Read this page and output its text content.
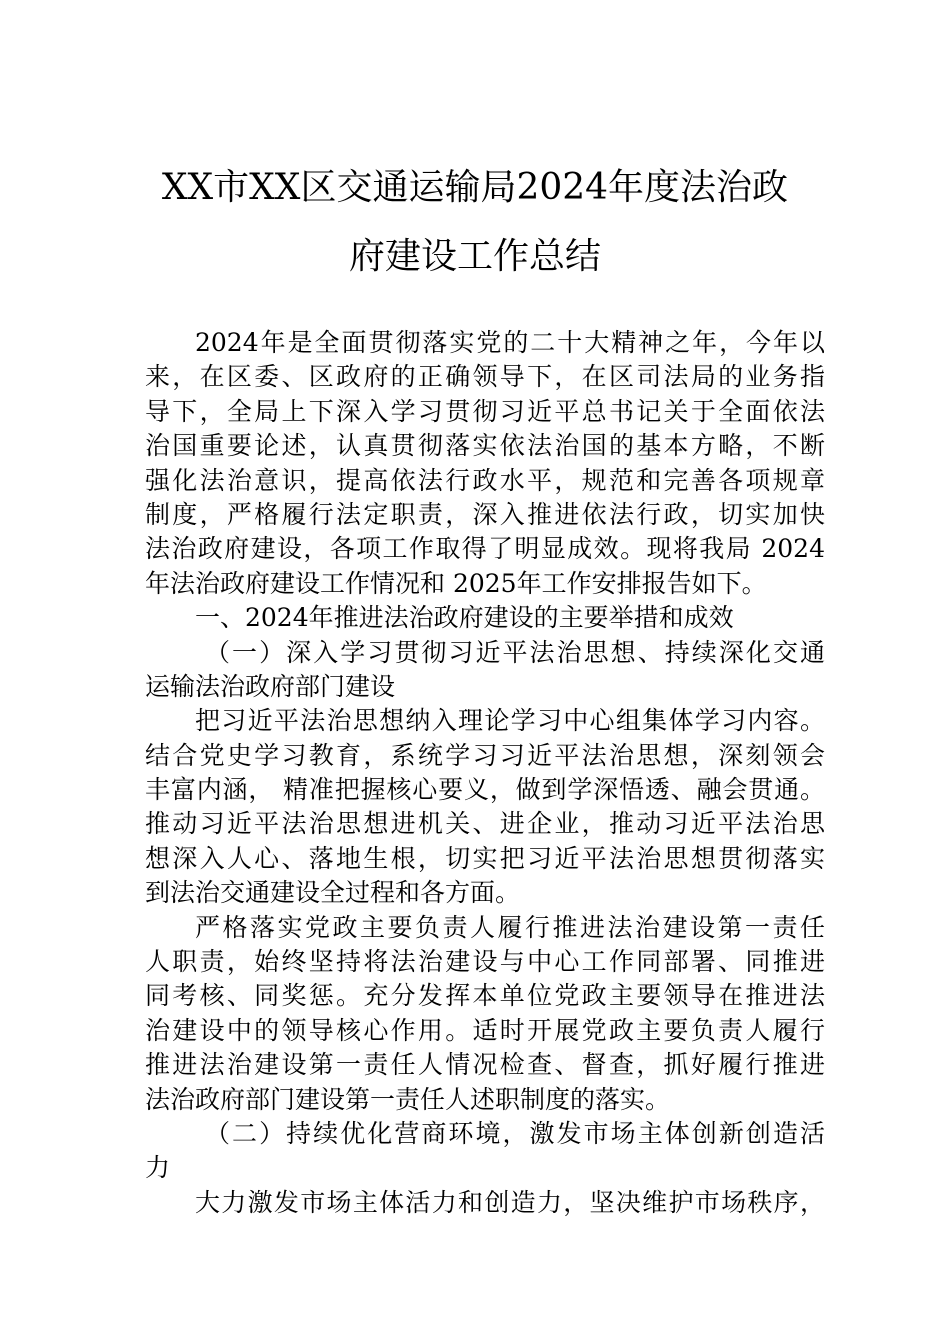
XX市XX区交通运输局2024年度法治政
府建设工作总结
2024年是全面贯彻落实党的二十大精神之年，今年以
来，在区委、区政府的正确领导下，在区司法局的业务指
导下，全局上下深入学习贯彻习近平总书记关于全面依法
治国重要论述，认真贯彻落实依法治国的基本方略，不断
强化法治意识，提高依法行政水平，规范和完善各项规章
制度，严格履行法定职责，深入推进依法行政，切实加快
法治政府建设，各项工作取得了明显成效。现将我局 2024
年法治政府建设工作情况和 2025年工作安排报告如下。
一、2024年推进法治政府建设的主要举措和成效
（一）深入学习贯彻习近平法治思想、持续深化交通
运输法治政府部门建设
把习近平法治思想纳入理论学习中心组集体学习内容。
结合党史学习教育，系统学习习近平法治思想，深刻领会
丰富内涵， 精准把握核心要义，做到学深悟透、融会贯通。
推动习近平法治思想进机关、进企业，推动习近平法治思
想深入人心、落地生根，切实把习近平法治思想贯彻落实
到法治交通建设全过程和各方面。
严格落实党政主要负责人履行推进法治建设第一责任
人职责，始终坚持将法治建设与中心工作同部署、同推进
同考核、同奖惩。充分发挥本单位党政主要领导在推进法
治建设中的领导核心作用。适时开展党政主要负责人履行
推进法治建设第一责任人情况检查、督查，抓好履行推进
法治政府部门建设第一责任人述职制度的落实。
（二）持续优化营商环境，激发市场主体创新创造活
力
大力激发市场主体活力和创造力，坚决维护市场秩序，
